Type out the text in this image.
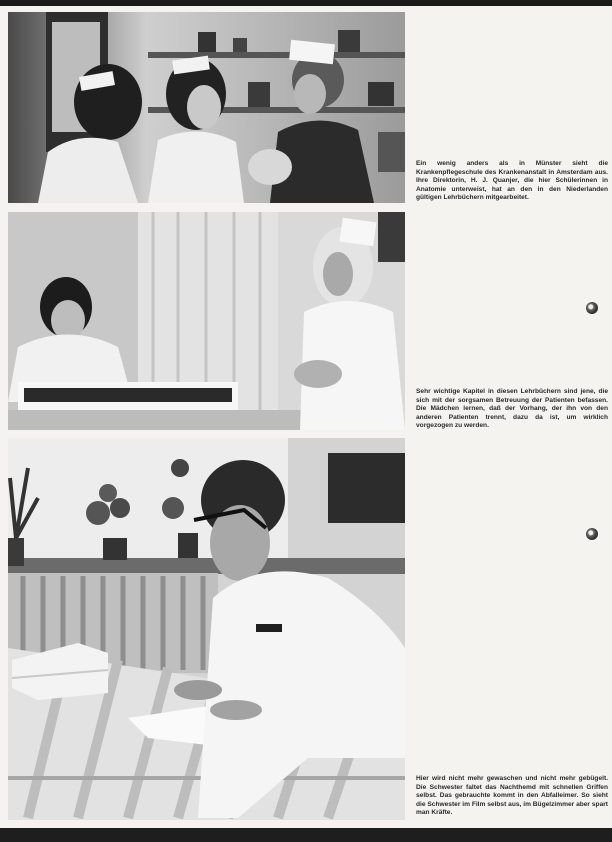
Ein wenig anders als in Münster sieht die Krankenpflegeschule des Krankenanstalt in Amsterdam aus. Ihre Direktorin, H. J. Quanjer, die hier Schülerinnen in Anatomie unterweist, hat an den in den Niederlanden gültigen Lehrbüchern mitgearbeitet.

Sehr wichtige Kapitel in diesen Lehrbüchern sind jene, die sich mit der sorgsamen Betreuung der Patienten befassen. Die Mädchen lernen, daß der Vorhang, der ihn von den anderen Patienten trennt, dazu da ist, um wirklich vorgezogen zu werden.

Hier wird nicht mehr gewaschen und nicht mehr gebügelt. Die Schwester faltet das Nachthemd mit schnellen Griffen selbst. Das gebrauchte kommt in den Abfalleimer. So sieht die Schwester im Film selbst aus, im Bügelzimmer aber spart man Kräfte.
